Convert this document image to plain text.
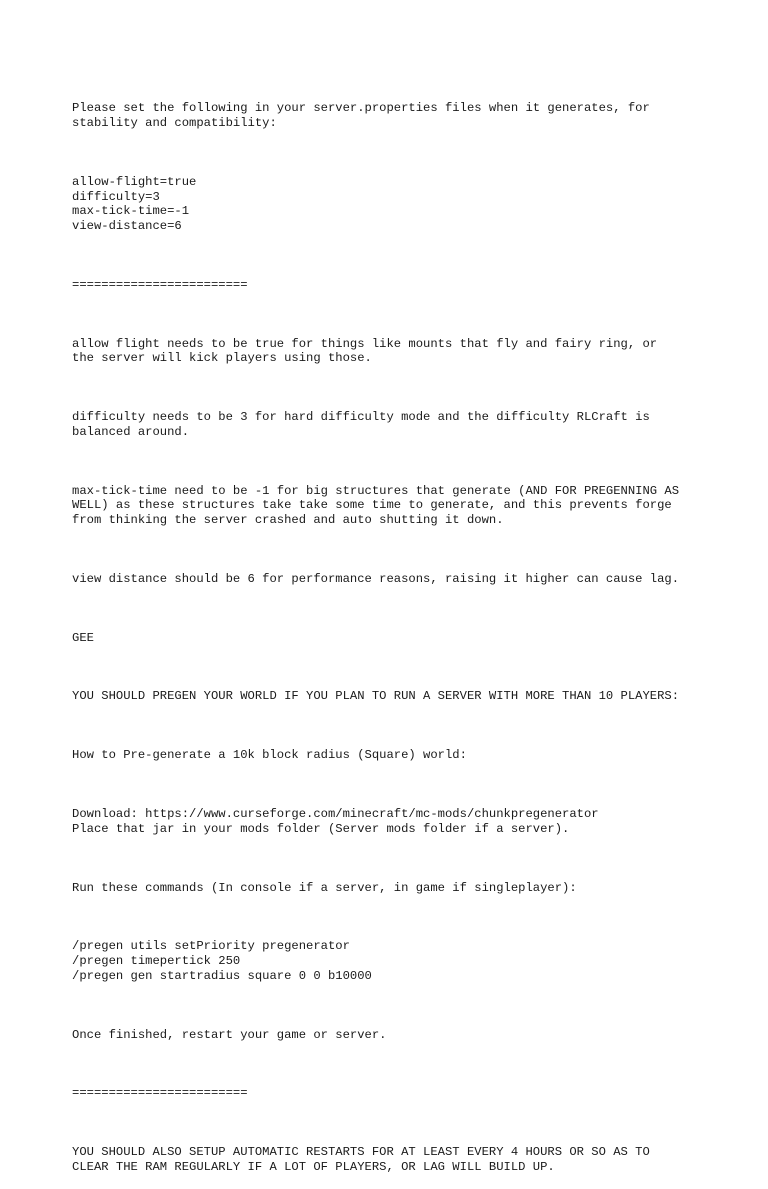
Please set the following in your server.properties files when it generates, for
stability and compatibility:

allow-flight=true
difficulty=3
max-tick-time=-1
view-distance=6

========================

allow flight needs to be true for things like mounts that fly and fairy ring, or
the server will kick players using those.

difficulty needs to be 3 for hard difficulty mode and the difficulty RLCraft is
balanced around.

max-tick-time need to be -1 for big structures that generate (AND FOR PREGENNING AS
WELL) as these structures take take some time to generate, and this prevents forge
from thinking the server crashed and auto shutting it down.

view distance should be 6 for performance reasons, raising it higher can cause lag.

GEE

YOU SHOULD PREGEN YOUR WORLD IF YOU PLAN TO RUN A SERVER WITH MORE THAN 10 PLAYERS:

How to Pre-generate a 10k block radius (Square) world:

Download: https://www.curseforge.com/minecraft/mc-mods/chunkpregenerator
Place that jar in your mods folder (Server mods folder if a server).

Run these commands (In console if a server, in game if singleplayer):

/pregen utils setPriority pregenerator
/pregen timepertick 250
/pregen gen startradius square 0 0 b10000

Once finished, restart your game or server.

========================

YOU SHOULD ALSO SETUP AUTOMATIC RESTARTS FOR AT LEAST EVERY 4 HOURS OR SO AS TO
CLEAR THE RAM REGULARLY IF A LOT OF PLAYERS, OR LAG WILL BUILD UP.
